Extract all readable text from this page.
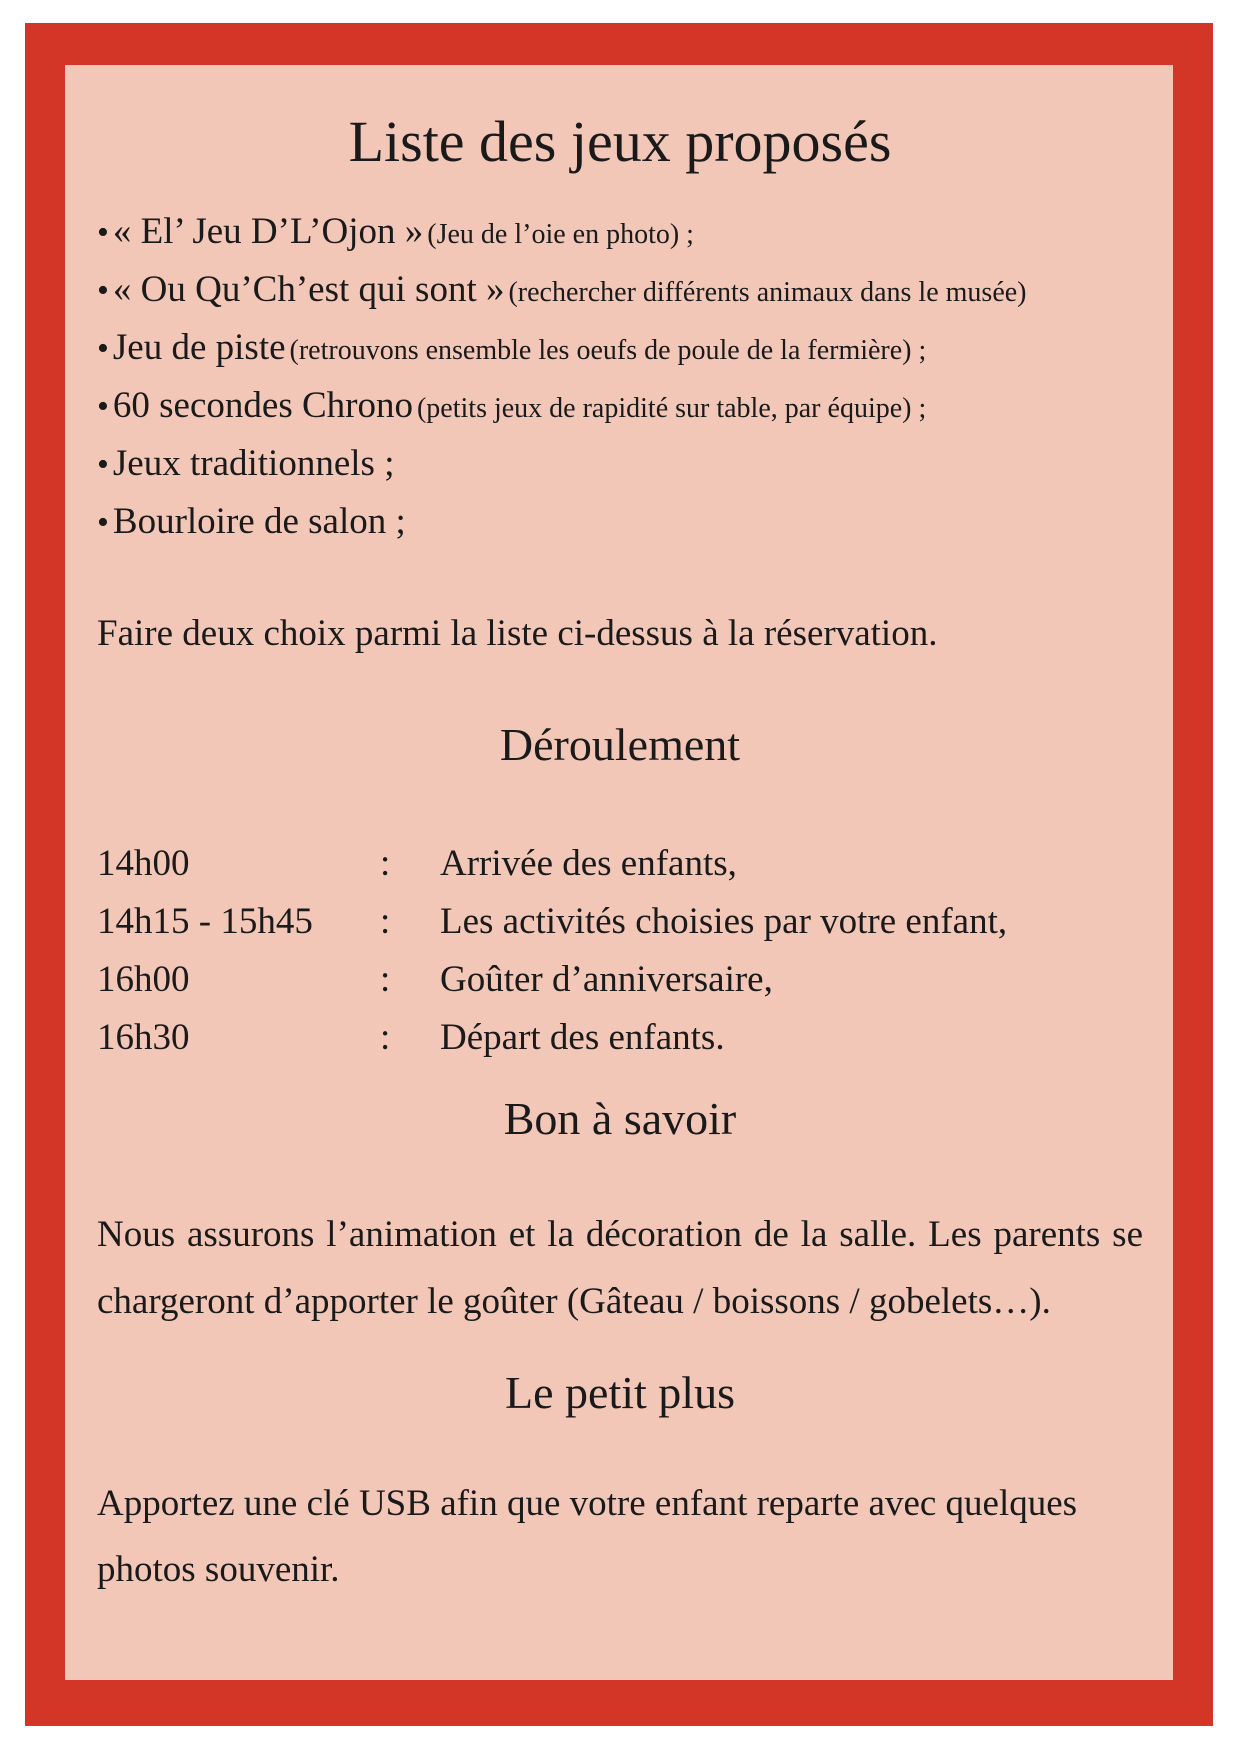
Liste des jeux proposés
• « El’ Jeu D’L’Ojon » (Jeu de l’oie en photo) ;
• « Ou Qu’Ch’est qui sont » (rechercher différents animaux dans le musée)
• Jeu de piste (retrouvons ensemble les oeufs de poule de la fermière) ;
• 60 secondes Chrono (petits jeux de rapidité sur table, par équipe) ;
• Jeux traditionnels ;
• Bourloire de salon ;

Faire deux choix parmi la liste ci-dessus à la réservation.

Déroulement
14h00	: Arrivée des enfants,
14h15 - 15h45 : Les activités choisies par votre enfant,
16h00	: Goûter d’anniversaire,
16h30	: Départ des enfants.
Bon à savoir

Nous assurons l’animation et la décoration de la salle. Les parents se chargeront d’apporter le goûter (Gâteau / boissons / gobelets…).

Le petit plus

Apportez une clé USB afin que votre enfant reparte avec quelques photos souvenir.
